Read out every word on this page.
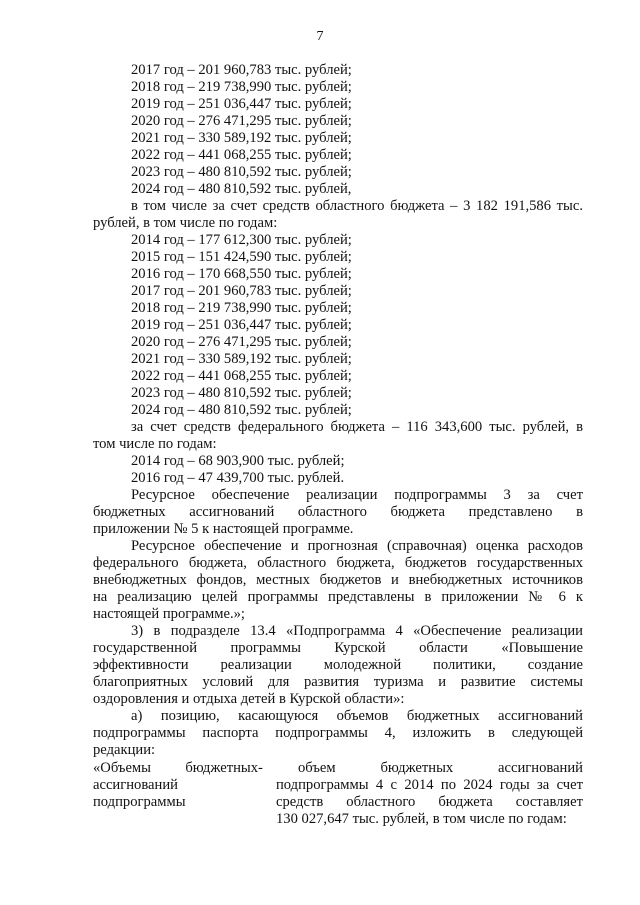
7
2017 год – 201 960,783 тыс. рублей;
2018 год – 219 738,990 тыс. рублей;
2019 год – 251 036,447 тыс. рублей;
2020 год – 276 471,295 тыс. рублей;
2021 год – 330 589,192 тыс. рублей;
2022 год – 441 068,255 тыс. рублей;
2023 год – 480 810,592 тыс. рублей;
2024 год – 480 810,592 тыс. рублей,
в том числе за счет средств областного бюджета – 3 182 191,586 тыс.
рублей, в том числе по годам:
2014 год – 177 612,300 тыс. рублей;
2015 год – 151 424,590 тыс. рублей;
2016 год – 170 668,550 тыс. рублей;
2017 год – 201 960,783 тыс. рублей;
2018 год – 219 738,990 тыс. рублей;
2019 год – 251 036,447 тыс. рублей;
2020 год – 276 471,295 тыс. рублей;
2021 год – 330 589,192 тыс. рублей;
2022 год – 441 068,255 тыс. рублей;
2023 год – 480 810,592 тыс. рублей;
2024 год – 480 810,592 тыс. рублей;
за счет средств федерального бюджета – 116 343,600 тыс. рублей, в
том числе по годам:
2014 год – 68 903,900 тыс. рублей;
2016 год – 47 439,700 тыс. рублей.
Ресурсное обеспечение реализации подпрограммы 3 за счет
бюджетных ассигнований областного бюджета представлено в
приложении № 5 к настоящей программе.
Ресурсное обеспечение и прогнозная (справочная) оценка расходов
федерального бюджета, областного бюджета, бюджетов государственных
внебюджетных фондов, местных бюджетов и внебюджетных источников
на реализацию целей программы представлены в приложении № 6 к
настоящей программе.»;
3) в подразделе 13.4 «Подпрограмма 4 «Обеспечение реализации
государственной программы Курской области «Повышение
эффективности реализации молодежной политики, создание
благоприятных условий для развития туризма и развитие системы
оздоровления и отдыха детей в Курской области»:
а) позицию, касающуюся объемов бюджетных ассигнований
подпрограммы паспорта подпрограммы 4, изложить в следующей
редакции:
«Объемы бюджетных
ассигнований
подпрограммы
-	объем бюджетных ассигнований
подпрограммы 4 с 2014 по 2024 годы за счет
средств областного бюджета составляет
130 027,647 тыс. рублей, в том числе по годам:
